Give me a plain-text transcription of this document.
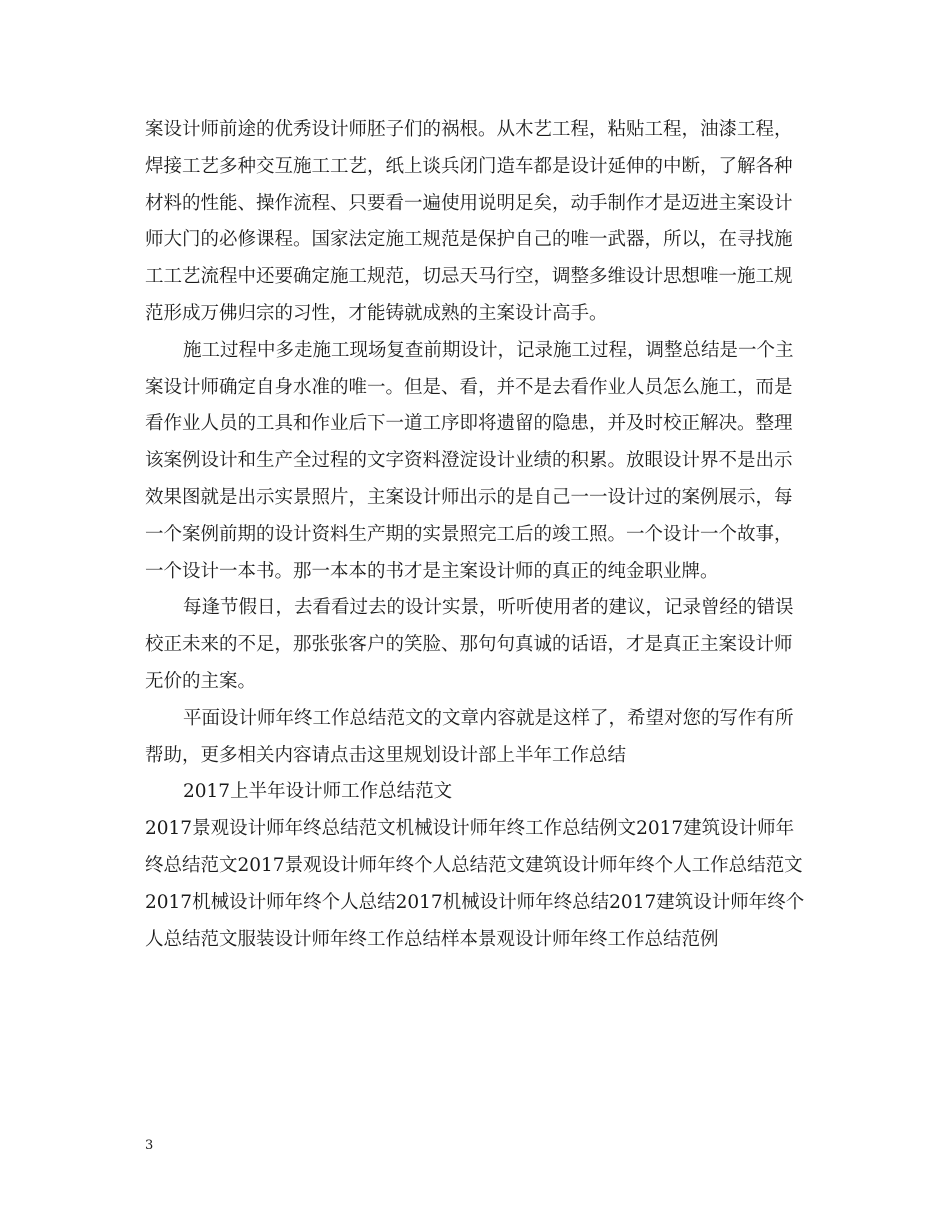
案设计师前途的优秀设计师胚子们的祸根。从木艺工程，粘贴工程，油漆工程，
焊接工艺多种交互施工工艺，纸上谈兵闭门造车都是设计延伸的中断，了解各种
材料的性能、操作流程、只要看一遍使用说明足矣，动手制作才是迈进主案设计
师大门的必修课程。国家法定施工规范是保护自己的唯一武器，所以，在寻找施
工工艺流程中还要确定施工规范，切忌天马行空，调整多维设计思想唯一施工规
范形成万佛归宗的习性，才能铸就成熟的主案设计高手。
施工过程中多走施工现场复查前期设计，记录施工过程，调整总结是一个主
案设计师确定自身水准的唯一。但是、看，并不是去看作业人员怎么施工，而是
看作业人员的工具和作业后下一道工序即将遗留的隐患，并及时校正解决。整理
该案例设计和生产全过程的文字资料澄淀设计业绩的积累。放眼设计界不是出示
效果图就是出示实景照片，主案设计师出示的是自己一一设计过的案例展示，每
一个案例前期的设计资料生产期的实景照完工后的竣工照。一个设计一个故事，
一个设计一本书。那一本本的书才是主案设计师的真正的纯金职业牌。
每逢节假日，去看看过去的设计实景，听听使用者的建议，记录曾经的错误
校正未来的不足，那张张客户的笑脸、那句句真诚的话语，才是真正主案设计师
无价的主案。
平面设计师年终工作总结范文的文章内容就是这样了，希望对您的写作有所
帮助，更多相关内容请点击这里规划设计部上半年工作总结
2017上半年设计师工作总结范文
2017景观设计师年终总结范文机械设计师年终工作总结例文2017建筑设计师年
终总结范文2017景观设计师年终个人总结范文建筑设计师年终个人工作总结范文
2017机械设计师年终个人总结2017机械设计师年终总结2017建筑设计师年终个
人总结范文服装设计师年终工作总结样本景观设计师年终工作总结范例
3
